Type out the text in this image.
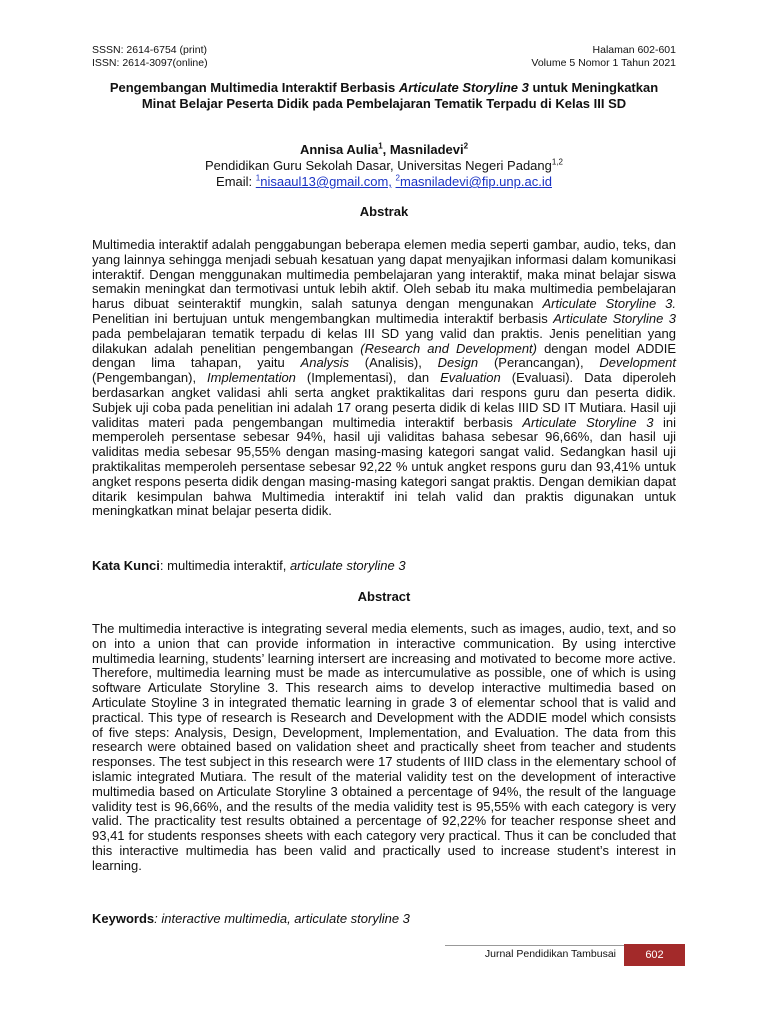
SSSN: 2614-6754 (print)
ISSN: 2614-3097(online)
Halaman 602-601
Volume 5 Nomor 1 Tahun 2021
Pengembangan Multimedia Interaktif Berbasis Articulate Storyline 3 untuk Meningkatkan Minat Belajar Peserta Didik pada Pembelajaran Tematik Terpadu di Kelas III SD
Annisa Aulia$^1$, Masniladevi$^2$
Pendidikan Guru Sekolah Dasar, Universitas Negeri Padang$^{1,2}$
Email: $^1$nisaaul13@gmail.com, $^2$masniladevi@fip.unp.ac.id
Abstrak

Multimedia interaktif adalah penggabungan beberapa elemen media seperti gambar, audio, teks, dan yang lainnya sehingga menjadi sebuah kesatuan yang dapat menyajikan informasi dalam komunikasi interaktif. Dengan menggunakan multimedia pembelajaran yang interaktif, maka minat belajar siswa semakin meningkat dan termotivasi untuk lebih aktif. Oleh sebab itu maka multimedia pembelajaran harus dibuat seinteraktif mungkin, salah satunya dengan mengunakan Articulate Storyline 3. Penelitian ini bertujuan untuk mengembangkan multimedia interaktif berbasis Articulate Storyline 3 pada pembelajaran tematik terpadu di kelas III SD yang valid dan praktis. Jenis penelitian yang dilakukan adalah penelitian pengembangan (Research and Development) dengan model ADDIE dengan lima tahapan, yaitu Analysis (Analisis), Design (Perancangan), Development (Pengembangan), Implementation (Implementasi), dan Evaluation (Evaluasi). Data diperoleh berdasarkan angket validasi ahli serta angket praktikalitas dari respons guru dan peserta didik. Subjek uji coba pada penelitian ini adalah 17 orang peserta didik di kelas IIID SD IT Mutiara. Hasil uji validitas materi pada pengembangan multimedia interaktif berbasis Articulate Storyline 3 ini memperoleh persentase sebesar 94%, hasil uji validitas bahasa sebesar 96,66%, dan hasil uji validitas media sebesar 95,55% dengan masing-masing kategori sangat valid. Sedangkan hasil uji praktikalitas memperoleh persentase sebesar 92,22 % untuk angket respons guru dan 93,41% untuk angket respons peserta didik dengan masing-masing kategori sangat praktis. Dengan demikian dapat ditarik kesimpulan bahwa Multimedia interaktif ini telah valid dan praktis digunakan untuk meningkatkan minat belajar peserta didik.

Kata Kunci: multimedia interaktif, articulate storyline 3
Abstract

The multimedia interactive is integrating several media elements, such as images, audio, text, and so on into a union that can provide information in interactive communication. By using interctive multimedia learning, students’ learning intersert are increasing and motivated to become more active. Therefore, multimedia learning must be made as intercumulative as possible, one of which is using software Articulate Storyline 3. This research aims to develop interactive multimedia based on Articulate Stoyline 3 in integrated thematic learning in grade 3 of elementar school that is valid and practical. This type of research is Research and Development with the ADDIE model which consists of five steps: Analysis, Design, Development, Implementation, and Evaluation. The data from this research were obtained based on validation sheet and practically sheet from teacher and students responses. The test subject in this research were 17 students of IIID class in the elementary school of islamic integrated Mutiara. The result of the material validity test on the development of interactive multimedia based on Articulate Storyline 3 obtained a percentage of 94%, the result of the language validity test is 96,66%, and the results of the media validity test is 95,55% with each category is very valid. The practicality test results obtained a percentage of 92,22% for teacher response sheet and 93,41 for students responses sheets with each category very practical. Thus it can be concluded that this interactive multimedia has been valid and practically used to increase student’s interest in learning.

Keywords: interactive multimedia, articulate storyline 3
Jurnal Pendidikan Tambusai	602
